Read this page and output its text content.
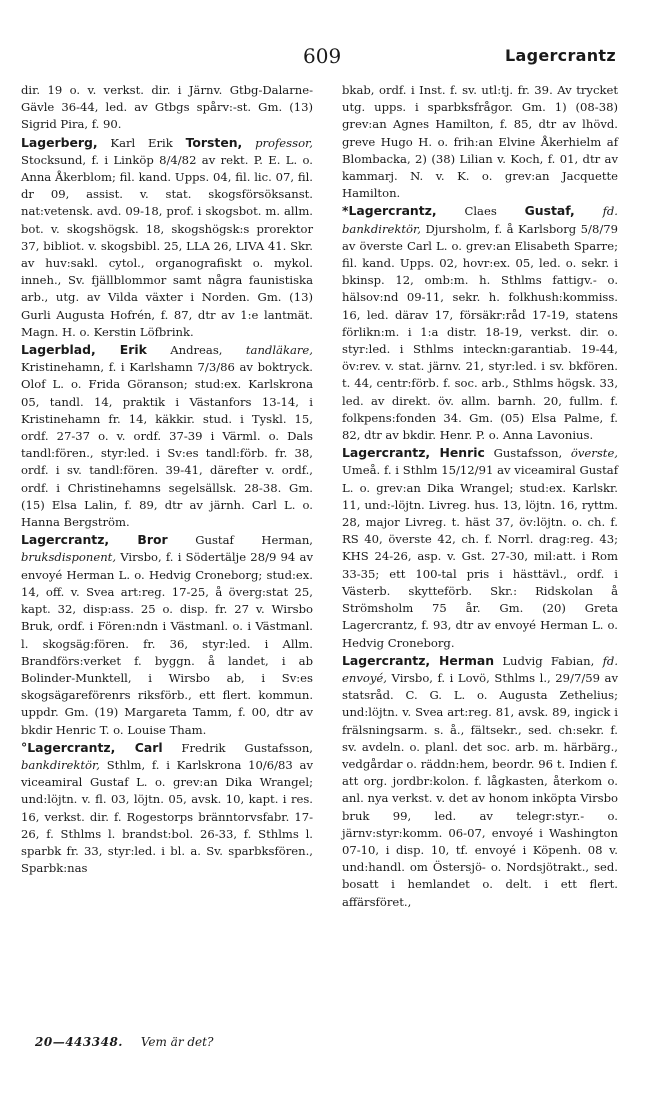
609	Lagercrantz

dir. 19 o. v. verkst. dir. i Järnv. Gtbg-Dalarne-Gävle 36-44, led. av Gtbgs spårv:-st. Gm. (13) Sigrid Pira, f. 90.

Lagerberg, Karl Erik Torsten, professor, Stocksund, f. i Linköp 8/4/82 av rekt. P. E. L. o. Anna Åkerblom; fil. kand. Upps. 04, fil. lic. 07, fil. dr 09, assist. v. stat. skogsförsöksanst. nat:vetensk. avd. 09-18, prof. i skogsbot. m. allm. bot. v. skogshögsk. 18, skogshögsk:s prorektor 37, bibliot. v. skogsbibl. 25, LLA 26, LIVA 41. Skr. av huv:sakl. cytol., organografiskt o. mykol. inneh., Sv. fjällblommor samt några faunistiska arb., utg. av Vilda växter i Norden. Gm. (13) Gurli Augusta Hofrén, f. 87, dtr av 1:e lantmät. Magn. H. o. Kerstin Löfbrink.

Lagerblad, Erik Andreas, tandläkare, Kristinehamn, f. i Karlshamn 7/3/86 av boktryck. Olof L. o. Frida Göranson; stud:ex. Karlskrona 05, tandl. 14, praktik i Västanfors 13-14, i Kristinehamn fr. 14, käkkir. stud. i Tyskl. 15, ordf. 27-37 o. v. ordf. 37-39 i Värml. o. Dals tandl:fören., styr:led. i Sv:es tandl:förb. fr. 38, ordf. i sv. tandl:fören. 39-41, därefter v. ordf., ordf. i Christinehamns segelsällsk. 28-38. Gm. (15) Elsa Lalin, f. 89, dtr av järnh. Carl L. o. Hanna Bergström.

Lagercrantz, Bror Gustaf Herman, bruksdisponent, Virsbo, f. i Södertälje 28/9 94 av envoyé Herman L. o. Hedvig Croneborg; stud:ex. 14, off. v. Svea art:reg. 17-25, å överg:stat 25, kapt. 32, disp:ass. 25 o. disp. fr. 27 v. Wirsbo Bruk, ordf. i Fören:ndn i Västmanl. o. i Västmanl. l. skogsäg:fören. fr. 36, styr:led. i Allm. Brandförs:verket f. byggn. å landet, i ab Bolinder-Munktell, i Wirsbo ab, i Sv:es skogsägareförenrs riksförb., ett flert. kommun. uppdr. Gm. (19) Margareta Tamm, f. 00, dtr av bkdir Henric T. o. Louise Tham.

°Lagercrantz, Carl Fredrik Gustafsson, bankdirektör, Sthlm, f. i Karlskrona 10/6/83 av viceamiral Gustaf L. o. grev:an Dika Wrangel; und:löjtn. v. fl. 03, löjtn. 05, avsk. 10, kapt. i res. 16, verkst. dir. f. Rogestorps bränntorvsfabr. 17-26, f. Sthlms l. brandst:bol. 26-33, f. Sthlms l. sparbk fr. 33, styr:led. i bl. a. Sv. sparbksfören., Sparbk:nas

bkab, ordf. i Inst. f. sv. utl:tj. fr. 39. Av trycket utg. upps. i sparbksfrågor. Gm. 1) (08-38) grev:an Agnes Hamilton, f. 85, dtr av lhövd. greve Hugo H. o. frih:an Elvine Åkerhielm af Blombacka, 2) (38) Lilian v. Koch, f. 01, dtr av kammarj. N. v. K. o. grev:an Jacquette Hamilton.

*Lagercrantz, Claes Gustaf, fd. bankdirektör, Djursholm, f. å Karlsborg 5/8/79 av överste Carl L. o. grev:an Elisabeth Sparre; fil. kand. Upps. 02, hovr:ex. 05, led. o. sekr. i bkinsp. 12, omb:m. h. Sthlms fattigv.- o. hälsov:nd 09-11, sekr. h. folkhush:kommiss. 16, led. därav 17, försäkr:råd 17-19, statens förlikn:m. i 1:a distr. 18-19, verkst. dir. o. styr:led. i Sthlms inteckn:garantiab. 19-44, öv:rev. v. stat. järnv. 21, styr:led. i sv. bkfören. t. 44, centr:förb. f. soc. arb., Sthlms högsk. 33, led. av direkt. öv. allm. barnh. 20, fullm. f. folkpens:fonden 34. Gm. (05) Elsa Palme, f. 82, dtr av bkdir. Henr. P. o. Anna Lavonius.

Lagercrantz, Henric Gustafsson, överste, Umeå. f. i Sthlm 15/12/91 av viceamiral Gustaf L. o. grev:an Dika Wrangel; stud:ex. Karlskr. 11, und:-löjtn. Livreg. hus. 13, löjtn. 16, ryttm. 28, major Livreg. t. häst 37, öv:löjtn. o. ch. f. RS 40, överste 42, ch. f. Norrl. drag:reg. 43; KHS 24-26, asp. v. Gst. 27-30, mil:att. i Rom 33-35; ett 100-tal pris i hästtävl., ordf. i Västerb. skytteförb. Skr.: Ridskolan å Strömsholm 75 år. Gm. (20) Greta Lagercrantz, f. 93, dtr av envoyé Herman L. o. Hedvig Croneborg.

Lagercrantz, Herman Ludvig Fabian, fd. envoyé, Virsbo, f. i Lovö, Sthlms l., 29/7/59 av statsråd. C. G. L. o. Augusta Zethelius; und:löjtn. v. Svea art:reg. 81, avsk. 89, ingick i frälsningsarm. s. å., fältsekr., sed. ch:sekr. f. sv. avdeln. o. planl. det soc. arb. m. härbärg., vedgårdar o. räddn:hem, beordr. 96 t. Indien f. att org. jordbr:kolon. f. lågkasten, återkom o. anl. nya verkst. v. det av honom inköpta Virsbo bruk 99, led. av telegr:styr.- o. järnv:styr:komm. 06-07, envoyé i Washington 07-10, i disp. 10, tf. envoyé i Köpenh. 08 v. und:handl. om Östersjö- o. Nordsjötrakt., sed. bosatt i hemlandet o. delt. i ett flert. affärsföret.,

20—443348. Vem är det?
